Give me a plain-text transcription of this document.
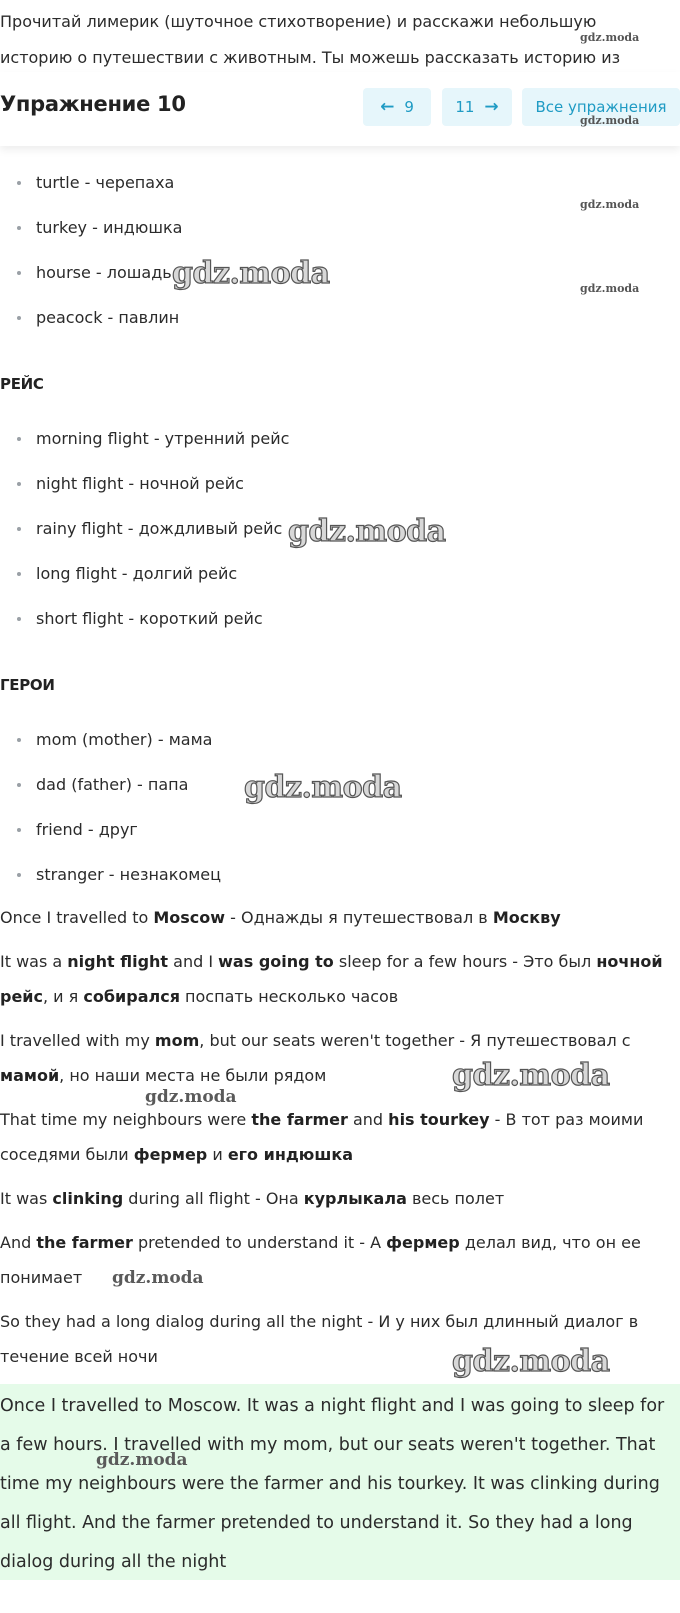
Прочитай лимерик (шуточное стихотворение) и расскажи небольшую историю о путешествии с животным. Ты можешь рассказать историю из

Упражнение 10	← 9	11 →	Все упражнения
turtle - черепаха
turkey - индюшка
hourse - лошадь
peacock - павлин
РЕЙС
morning flight - утренний рейс
night flight - ночной рейс
rainy flight - дождливый рейс
long flight - долгий рейс
short flight - короткий рейс
ГЕРОИ
mom (mother) - мама
dad (father) - папа
friend - друг
stranger - незнакомец

Once I travelled to Moscow - Однажды я путешествовал в Москву

It was a night flight and I was going to sleep for a few hours - Это был ночной рейс, и я собирался поспать несколько часов

I travelled with my mom, but our seats weren't together - Я путешествовал с мамой, но наши места не были рядом

That time my neighbours were the farmer and his tourkey - В тот раз моими соседями были фермер и его индюшка

It was clinking during all flight - Она курлыкала весь полет

And the farmer pretended to understand it - А фермер делал вид, что он ее понимает

So they had a long dialog during all the night - И у них был длинный диалог в течение всей ночи

Once I travelled to Moscow. It was a night flight and I was going to sleep for a few hours. I travelled with my mom, but our seats weren't together. That time my neighbours were the farmer and his tourkey. It was clinking during all flight. And the farmer pretended to understand it. So they had a long dialog during all the night

gdz.moda
gdz.moda
gdz.moda
gdz.moda
gdz.moda
gdz.moda
gdz.moda
gdz.moda
gdz.moda
gdz.moda
gdz.moda
gdz.moda
